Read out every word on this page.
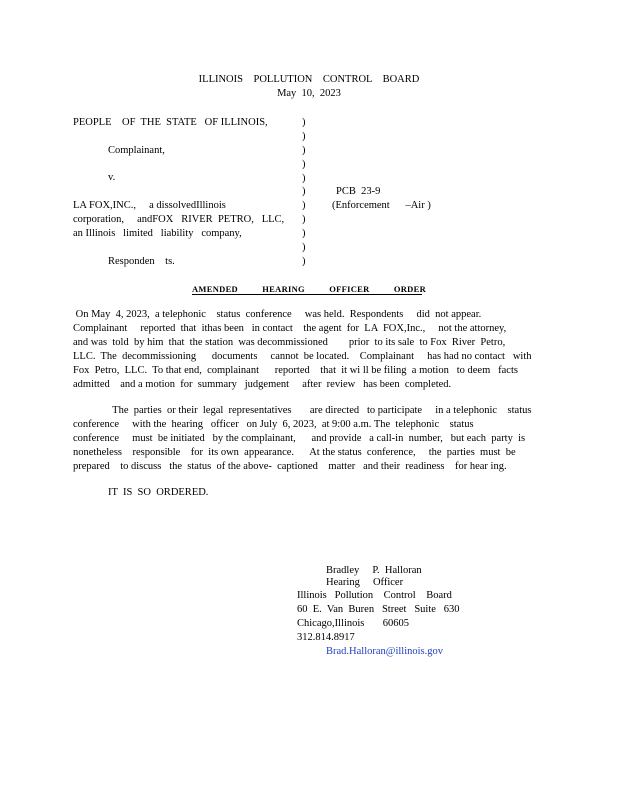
ILLINOIS    POLLUTION    CONTROL    BOARD
May  10,  2023
PEOPLE    OF  THE  STATE   OF ILLINOIS,
Complainant,
v.
LA FOX,INC.,     a dissolvedIllinois
corporation,     andFOX   RIVER  PETRO,   LLC,
an Illinois   limited   liability   company,
Responden    ts.
)
)
)
)
)
)
)
)
)
)
)
PCB  23-9
(Enforcement      –Air )
AMENDED          HEARING          OFFICER          ORDER

On May  4, 2023,  a telephonic    status  conference     was held.  Respondents     did  not appear.

Complainant     reported  that  ithas been   in contact    the agent  for  LA  FOX,Inc.,     not the attorney,

and was  told  by him  that  the station  was decommissioned        prior  to its sale  to Fox  River  Petro,

LLC.  The  decommissioning      documents     cannot  be located.    Complainant     has had no contact   with

Fox  Petro,  LLC.  To that end,  complainant      reported    that  it wi ll be filing  a motion   to deem   facts

admitted    and a motion  for  summary   judgement     after  review   has been  completed.

The  parties  or their  legal  representatives       are directed   to participate     in a telephonic    status

conference     with the  hearing   officer   on July  6, 2023,  at 9:00 a.m. The  telephonic    status

conference     must  be initiated   by the complainant,      and provide   a call-in  number,   but each  party  is

nonetheless    responsible    for  its own  appearance.      At the status  conference,     the  parties  must  be

prepared    to discuss   the  status  of the above-  captioned    matter   and their  readiness    for hear ing.

IT  IS  SO  ORDERED.
Bradley     P.  Halloran
Hearing     Officer
Illinois   Pollution    Control    Board
60  E.  Van  Buren   Street   Suite   630
Chicago,Illinois       60605
312.814.8917
Brad.Halloran@illinois.gov
